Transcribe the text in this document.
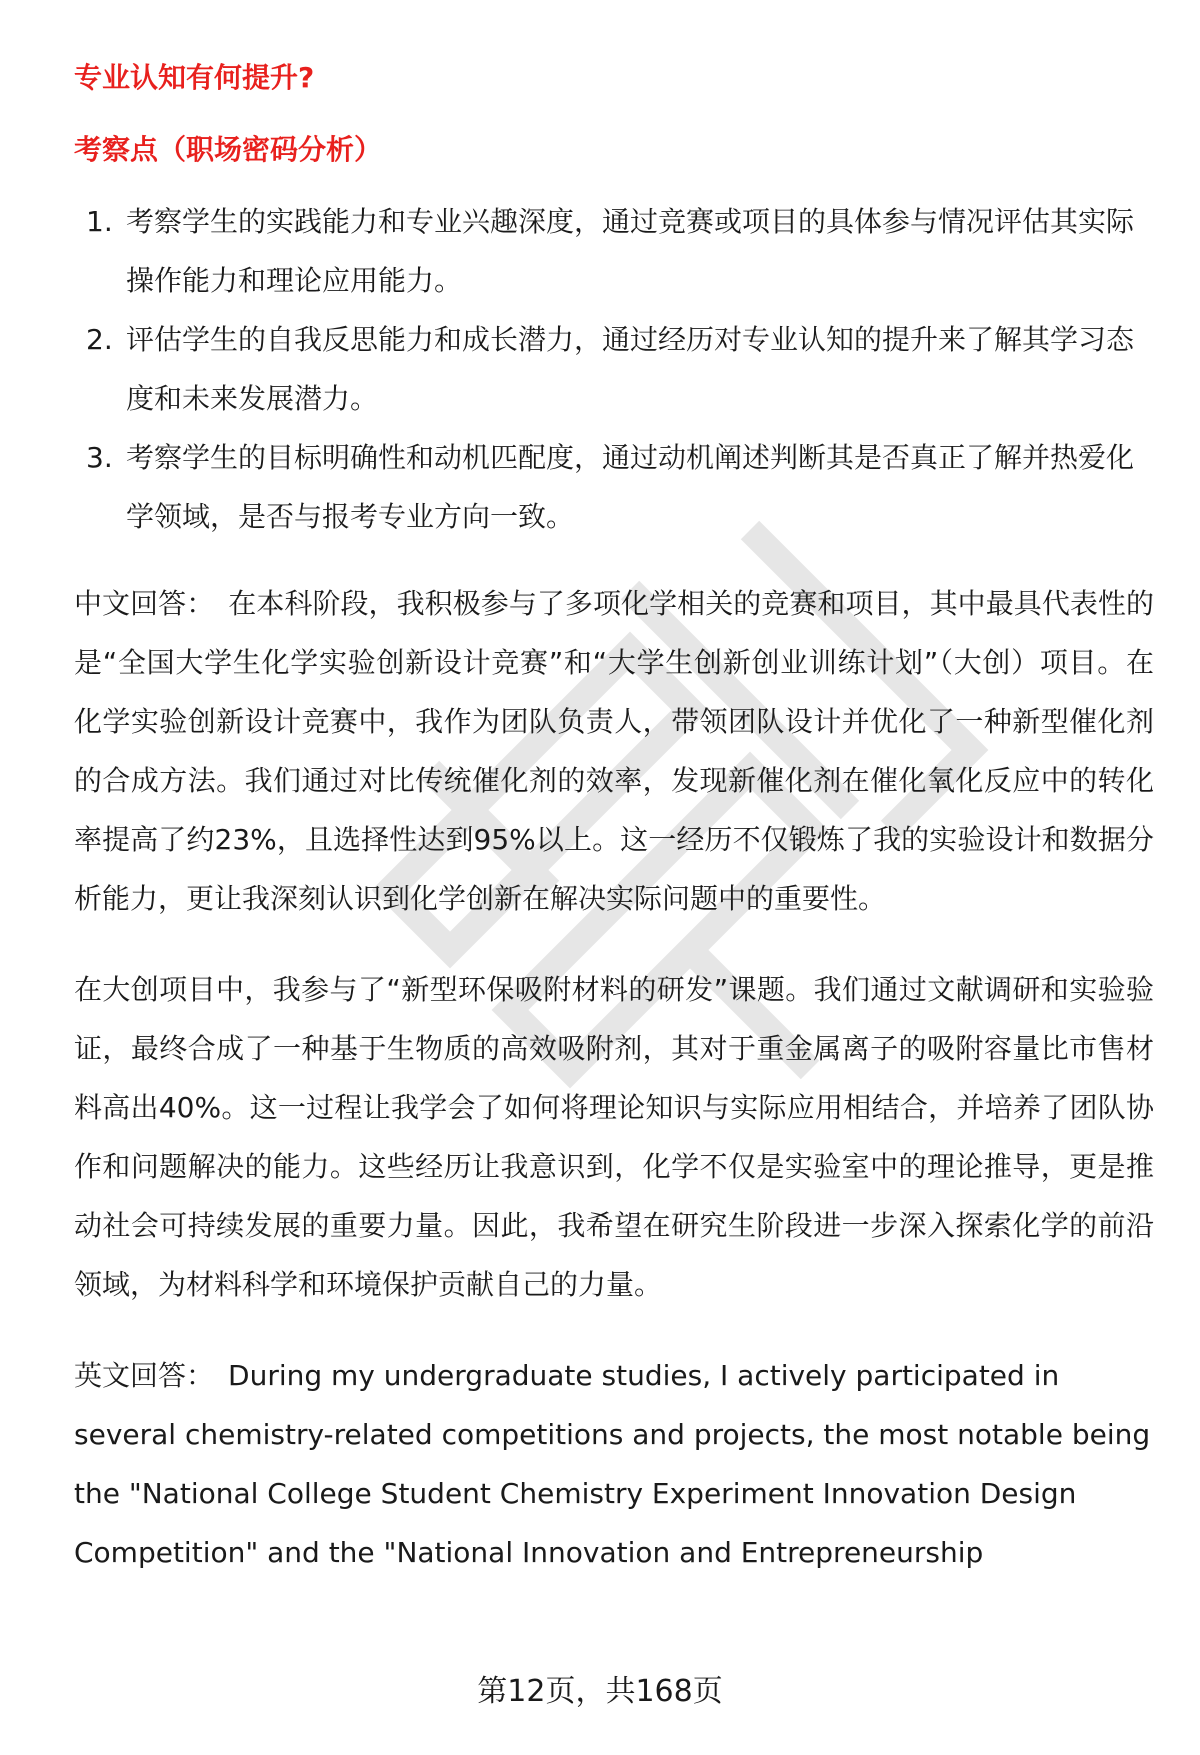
专业认知有何提升?

考察点（职场密码分析）

1. 考察学生的实践能力和专业兴趣深度，通过竞赛或项目的具体参与情况评估其实际操作能力和理论应用能力。
2. 评估学生的自我反思能力和成长潜力，通过经历对专业认知的提升来了解其学习态度和未来发展潜力。
3. 考察学生的目标明确性和动机匹配度，通过动机阐述判断其是否真正了解并热爱化学领域，是否与报考专业方向一致。

中文回答： 在本科阶段，我积极参与了多项化学相关的竞赛和项目，其中最具代表性的是“全国大学生化学实验创新设计竞赛”和“大学生创新创业训练计划”（大创）项目。在化学实验创新设计竞赛中，我作为团队负责人，带领团队设计并优化了一种新型催化剂的合成方法。我们通过对比传统催化剂的效率，发现新催化剂在催化氧化反应中的转化率提高了约23%，且选择性达到95%以上。这一经历不仅锻炼了我的实验设计和数据分析能力，更让我深刻认识到化学创新在解决实际问题中的重要性。

在大创项目中，我参与了“新型环保吸附材料的研发”课题。我们通过文献调研和实验验证，最终合成了一种基于生物质的高效吸附剂，其对于重金属离子的吸附容量比市售材料高出40%。这一过程让我学会了如何将理论知识与实际应用相结合，并培养了团队协作和问题解决的能力。这些经历让我意识到，化学不仅是实验室中的理论推导，更是推动社会可持续发展的重要力量。因此，我希望在研究生阶段进一步深入探索化学的前沿领域，为材料科学和环境保护贡献自己的力量。

英文回答： During my undergraduate studies, I actively participated in several chemistry-related competitions and projects, the most notable being the "National College Student Chemistry Experiment Innovation Design Competition" and the "National Innovation and Entrepreneurship

第12页，共168页
